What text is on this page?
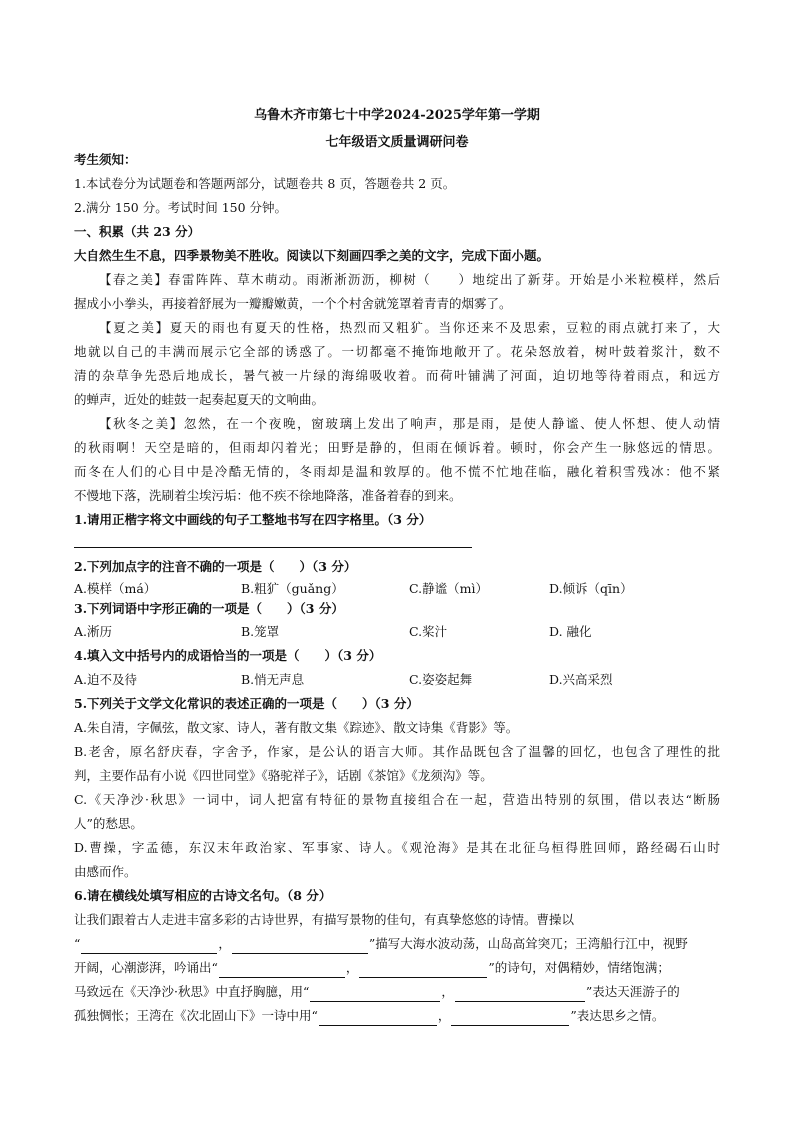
乌鲁木齐市第七十中学2024-2025学年第一学期
七年级语文质量调研问卷
考生须知：
1.本试卷分为试题卷和答题两部分，试题卷共 8 页，答题卷共 2 页。
2.满分 150 分。考试时间 150 分钟。
一、积累（共 23 分）
大自然生生不息，四季景物美不胜收。阅读以下刻画四季之美的文字，完成下面小题。
【春之美】春雷阵阵、草木萌动。雨淅淅沥沥，柳树（　　）地绽出了新芽。开始是小米粒模样，然后
握成小小拳头，再接着舒展为一瓣瓣嫩黄，一个个村舍就笼罩着青青的烟雾了。
【夏之美】夏天的雨也有夏天的性格，热烈而又粗犷。当你还来不及思索，豆粒的雨点就打来了，大
地就以自己的丰满而展示它全部的诱惑了。一切都毫不掩饰地敞开了。花朵怒放着，树叶鼓着浆汁，数不
清的杂草争先恐后地成长，暑气被一片绿的海绵吸收着。而荷叶铺满了河面，迫切地等待着雨点，和远方
的蝉声，近处的蛙鼓一起奏起夏天的文响曲。
【秋冬之美】忽然，在一个夜晚，窗玻璃上发出了响声，那是雨，是使人静谧、使人怀想、使人动情
的秋雨啊！天空是暗的，但雨却闪着光；田野是静的，但雨在倾诉着。顿时，你会产生一脉悠远的情思。
而冬在人们的心目中是冷酷无情的，冬雨却是温和敦厚的。他不慌不忙地荏临，融化着积雪残冰：他不紧
不慢地下落，洗刷着尘埃污垢：他不疾不徐地降落，准备着春的到来。
1.请用正楷字将文中画线的句子工整地书写在四字格里。（3 分）
2.下列加点字的注音不确的一项是（　　）（3 分）
A.模样（má）	B.粗犷（guǎng）	C.静谧（mì）	D.倾诉（qīn）
3.下列词语中字形正确的一项是（　　）（3 分）
A.淅历	B.笼罩	C.桨汁	D. 融化
4.填入文中括号内的成语恰当的一项是（　　）（3 分）
A.迫不及待	B.悄无声息	C.姿姿起舞	D.兴高采烈
5.下列关于文学文化常识的表述正确的一项是（　　）（3 分）
A.朱自清，字佩弦，散文家、诗人，著有散文集《踪迹》、散文诗集《背影》等。
B.老舍，原名舒庆春，字舍予，作家，是公认的语言大师。其作品既包含了温馨的回忆，也包含了理性的批
判，主要作品有小说《四世同堂》《骆驼祥子》，话剧《茶馆》《龙须沟》等。
C.《天净沙·秋思》一词中，词人把富有特征的景物直接组合在一起，营造出特别的氛围，借以表达“断肠
人”的愁思。
D.曹操，字孟德，东汉末年政治家、军事家、诗人。《观沧海》是其在北征乌桓得胜回师，路经碣石山时
由感而作。
6.请在横线处填写相应的古诗文名句。（8 分）
让我们跟着古人走进丰富多彩的古诗世界，有描写景物的佳句，有真挚悠悠的诗情。曹操以
“	，	”描写大海水波动荡，山岛高耸突兀；王湾船行江中，视野
开阔，心潮澎湃，吟诵出“	，	”的诗句，对偶精妙，情绪饱满；
马致远在《天净沙·秋思》中直抒胸臆，用“	，	”表达天涯游子的
孤独惆怅；王湾在《次北固山下》一诗中用“	，	”表达思乡之情。
